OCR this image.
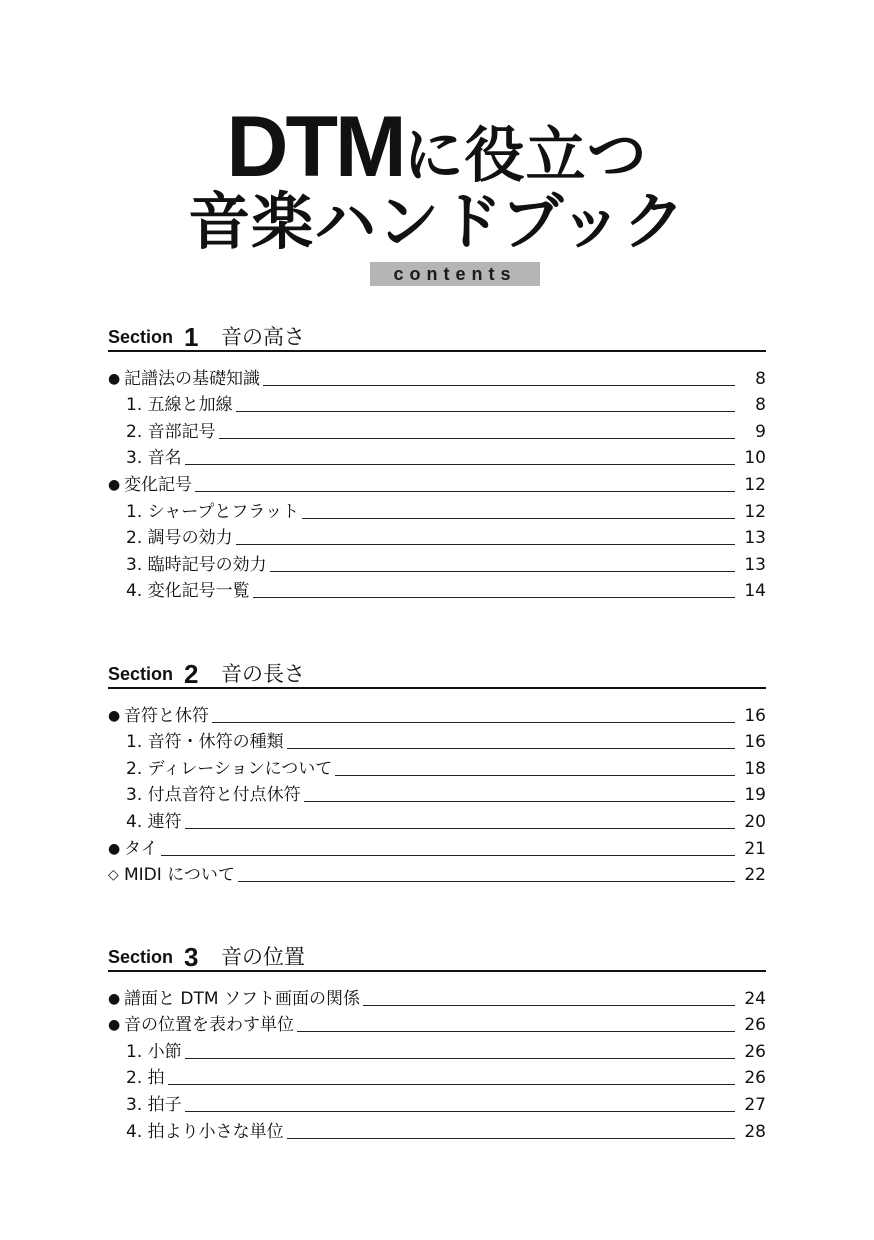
DTMに役立つ
音楽ハンドブック
contents
Section 1 音の高さ
● 記譜法の基礎知識	8
1. 五線と加線	8
2. 音部記号	9
3. 音名	10
● 変化記号	12
1. シャープとフラット	12
2. 調号の効力	13
3. 臨時記号の効力	13
4. 変化記号一覧	14
Section 2 音の長さ
● 音符と休符	16
1. 音符・休符の種類	16
2. ディレーションについて	18
3. 付点音符と付点休符	19
4. 連符	20
● タイ	21
◇ MIDI について	22
Section 3 音の位置
● 譜面と DTM ソフト画面の関係	24
● 音の位置を表わす単位	26
1. 小節	26
2. 拍	26
3. 拍子	27
4. 拍より小さな単位	28
